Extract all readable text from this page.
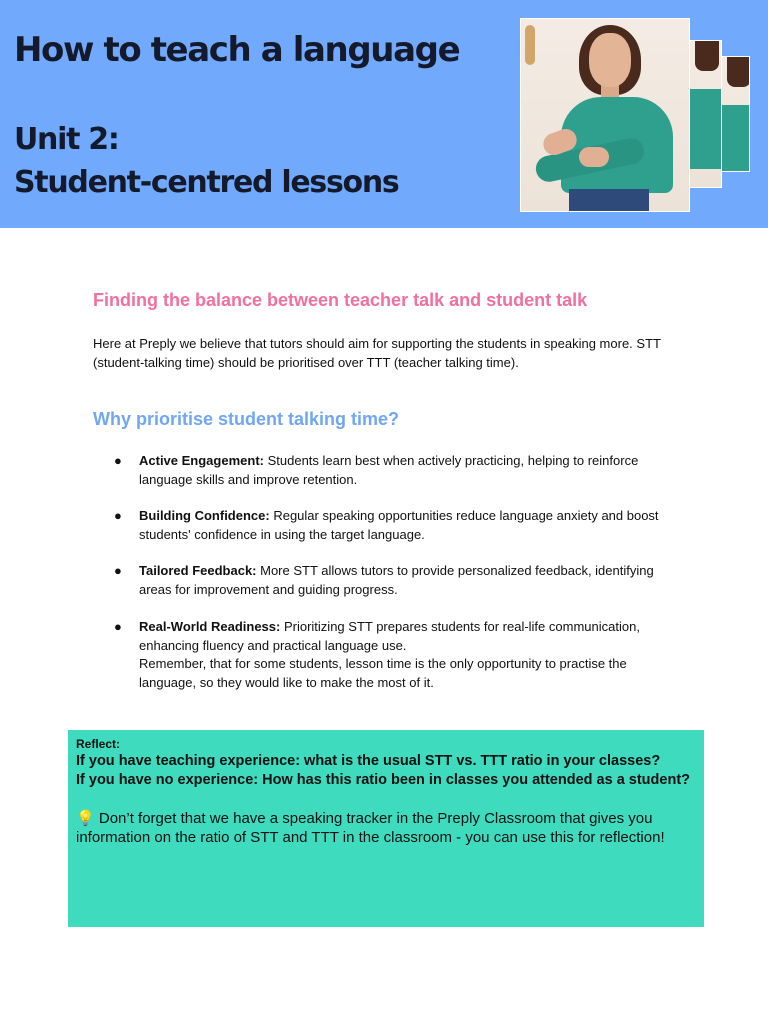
How to teach a language
Unit 2:
Student-centred lessons
Finding the balance between teacher talk and student talk

Here at Preply we believe that tutors should aim for supporting the students in speaking more. STT (student-talking time) should be prioritised over TTT (teacher talking time).

Why prioritise student talking time?
● Active Engagement: Students learn best when actively practicing, helping to reinforce language skills and improve retention.
● Building Confidence: Regular speaking opportunities reduce language anxiety and boost students' confidence in using the target language.
● Tailored Feedback: More STT allows tutors to provide personalized feedback, identifying areas for improvement and guiding progress.
● Real-World Readiness: Prioritizing STT prepares students for real-life communication, enhancing fluency and practical language use.
Remember, that for some students, lesson time is the only opportunity to practise the language, so they would like to make the most of it.
Reflect:
If you have teaching experience: what is the usual STT vs. TTT ratio in your classes?
If you have no experience: How has this ratio been in classes you attended as a student?
💡 Don’t forget that we have a speaking tracker in the Preply Classroom that gives you information on the ratio of STT and TTT in the classroom - you can use this for reflection!
